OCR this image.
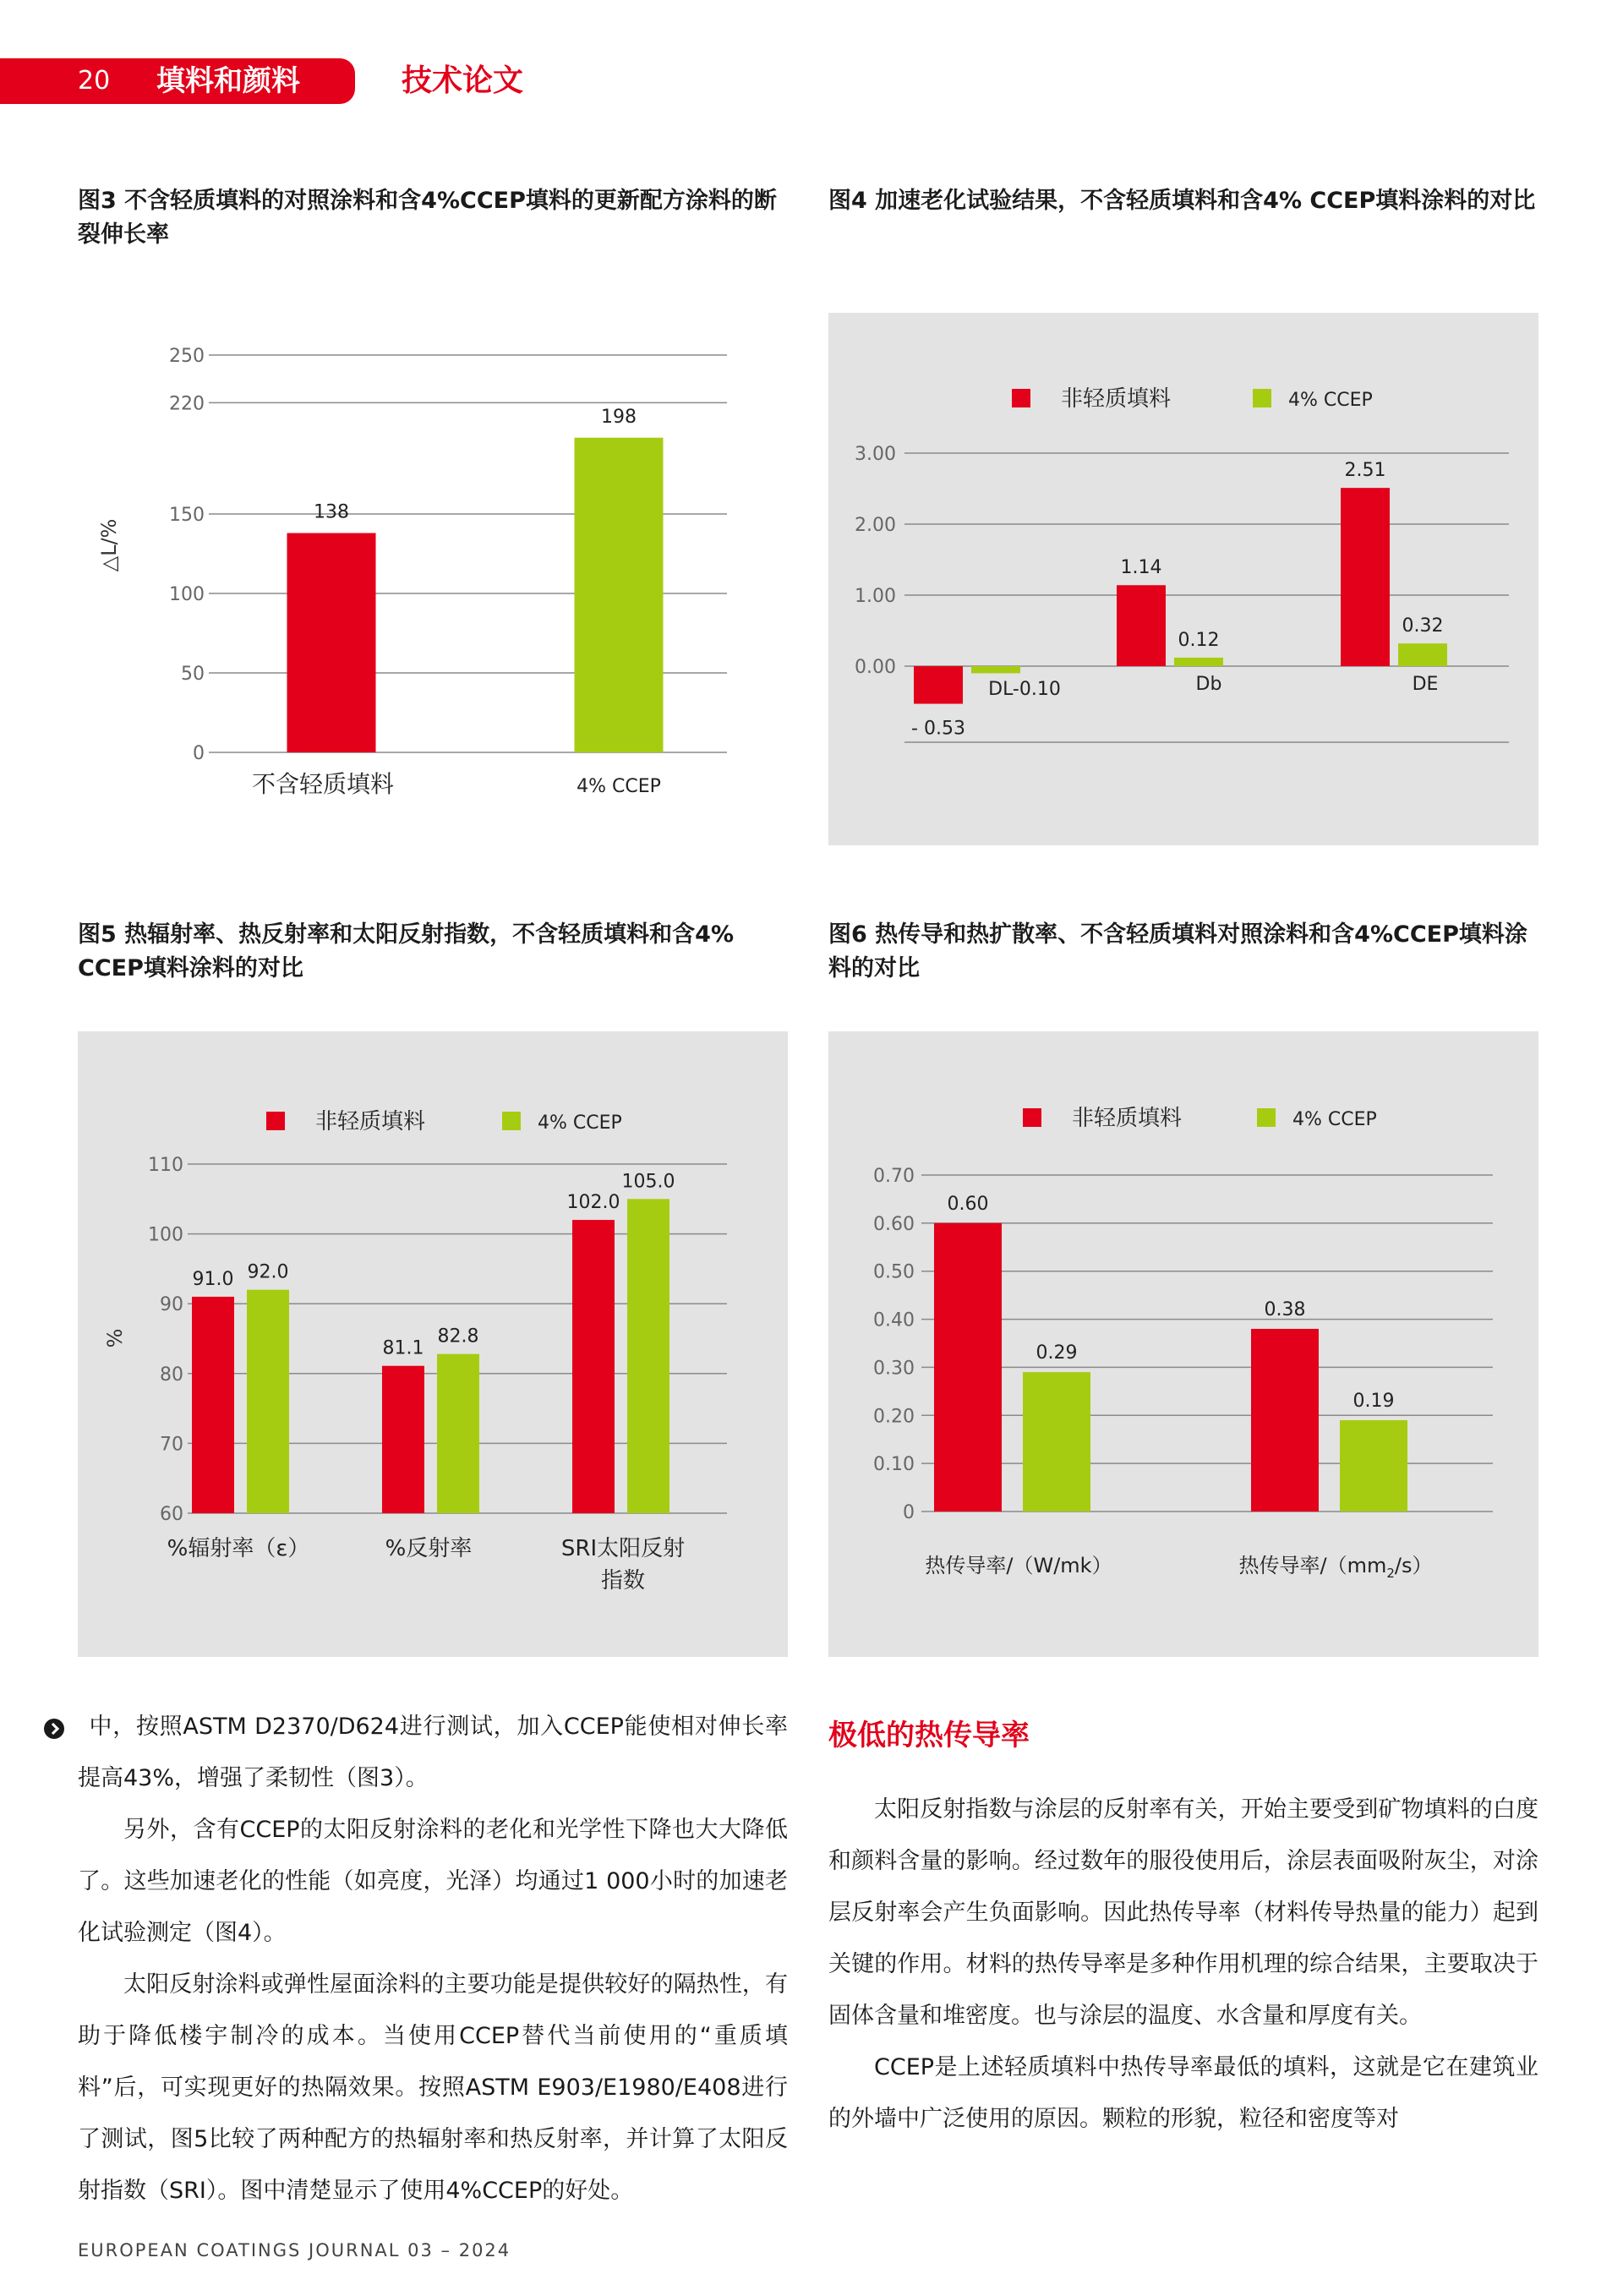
20 填料和颜料	技术论文
图3 不含轻质填料的对照涂料和含4%CCEP填料的更新配方涂料的断裂伸长率
图4 加速老化试验结果，不含轻质填料和含4% CCEP填料涂料的对比
图5 热辐射率、热反射率和太阳反射指数，不含轻质填料和含4% CCEP填料涂料的对比
图6 热传导和热扩散率、不含轻质填料对照涂料和含4%CCEP填料涂料的对比
0
50
100
150
220
250
△L/%
138
不含轻质填料
198
4% CCEP
非轻质填料	4% CCEP
0.00
1.00
2.00
3.00
- 0.53
1.14
0.12
2.51
0.32
DL-0.10	Db	DE
非轻质填料	4% CCEP
60
70
80
90
100
110
%
91.0 92.0
%辐射率（ε）
81.1
82.8
%反射率
102.0
105.0
SRI太阳反射
指数
非轻质填料	4% CCEP
0
0.10
0.20
0.30
0.40
0.50
0.60
0.70
0.60
0.29
0.38
0.19
热传导率/（W/mk）	热传导率$/(mm_2/s)$

中，按照ASTM D2370/D624进行测试，加入CCEP能使相对伸长率提高43%，增强了柔韧性（图3）。

另外，含有CCEP的太阳反射涂料的老化和光学性下降也大大降低了。这些加速老化的性能（如亮度，光泽）均通过1 000小时的加速老化试验测定（图4）。

太阳反射涂料或弹性屋面涂料的主要功能是提供较好的隔热性，有助于降低楼宇制冷的成本。当使用CCEP替代当前使用的“重质填料”后，可实现更好的热隔效果。按照ASTM E903/E1980/E408进行了测试，图5比较了两种配方的热辐射率和热反射率，并计算了太阳反射指数（SRI）。图中清楚显示了使用4%CCEP的好处。

极低的热传导率

太阳反射指数与涂层的反射率有关，开始主要受到矿物填料的白度和颜料含量的影响。经过数年的服役使用后，涂层表面吸附灰尘，对涂层反射率会产生负面影响。因此热传导率（材料传导热量的能力）起到关键的作用。材料的热传导率是多种作用机理的综合结果，主要取决于固体含量和堆密度。也与涂层的温度、水含量和厚度有关。

CCEP是上述轻质填料中热传导率最低的填料，这就是它在建筑业的外墙中广泛使用的原因。颗粒的形貌，粒径和密度等对

EUROPEAN COATINGS JOURNAL 03 – 2024
